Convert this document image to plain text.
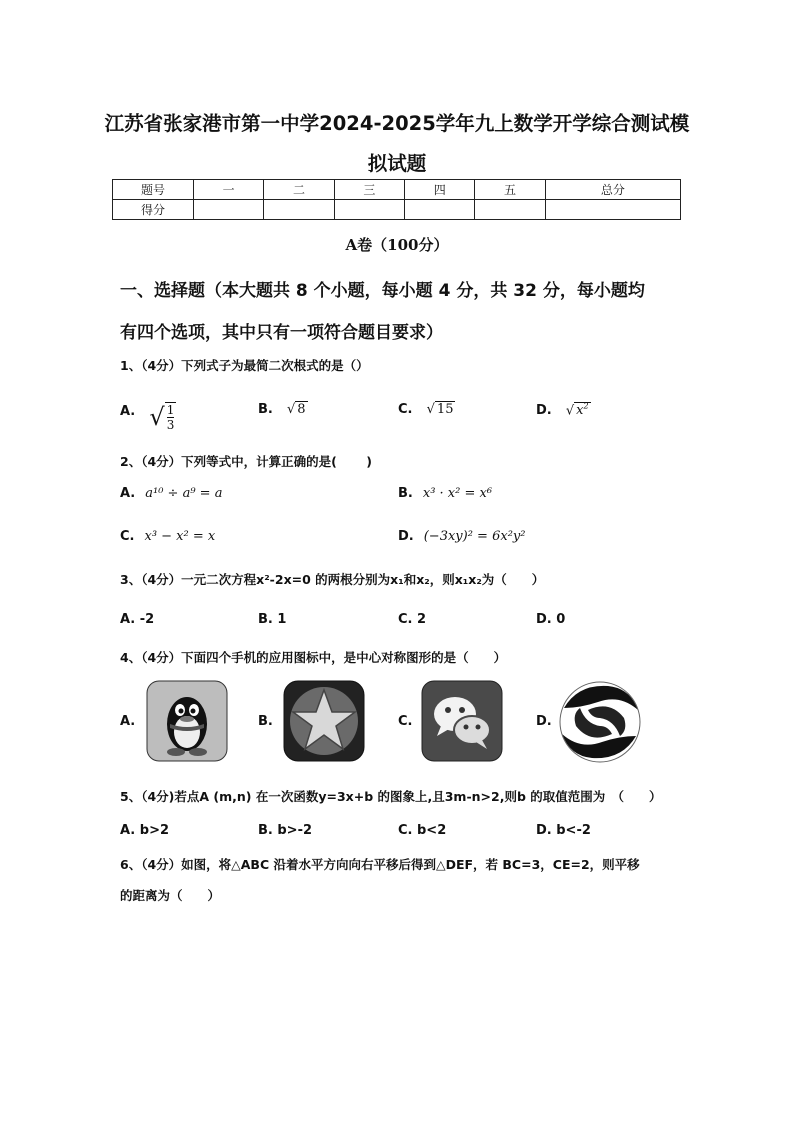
江苏省张家港市第一中学2024-2025学年九上数学开学综合测试模
拟试题
题号	一	二	三	四	五	总分
得分						
A卷（100分）
一、选择题（本大题共 8 个小题，每小题 4 分，共 32 分，每小题均
有四个选项，其中只有一项符合题目要求）
1、（4分）下列式子为最简二次根式的是（）
A. √ $\frac{1}{3}$	B. √ 8	C. √ 15	D. √ $x^2$
2、（4分）下列等式中，计算正确的是(　　 )
A. a¹⁰ ÷ a⁹ = a	B. x³ · x² = x⁶
C. x³ − x² = x	D. (−3xy)² = 6x²y²
3、（4分）一元二次方程x²-2x=0 的两根分别为x₁和x₂，则x₁x₂为（　　）
A. -2	B. 1	C. 2	D. 0
4、（4分）下面四个手机的应用图标中，是中心对称图形的是（　　）
A.	B.	C.	D.
5、（4分)若点A (m,n) 在一次函数y=3x+b 的图象上,且3m-n>2,则b 的取值范围为　（　　）
A. b>2	B. b>-2	C. b<2	D. b<-2
6、（4分）如图，将△ABC 沿着水平方向向右平移后得到△DEF，若 BC=3，CE=2，则平移
的距离为（　　）
